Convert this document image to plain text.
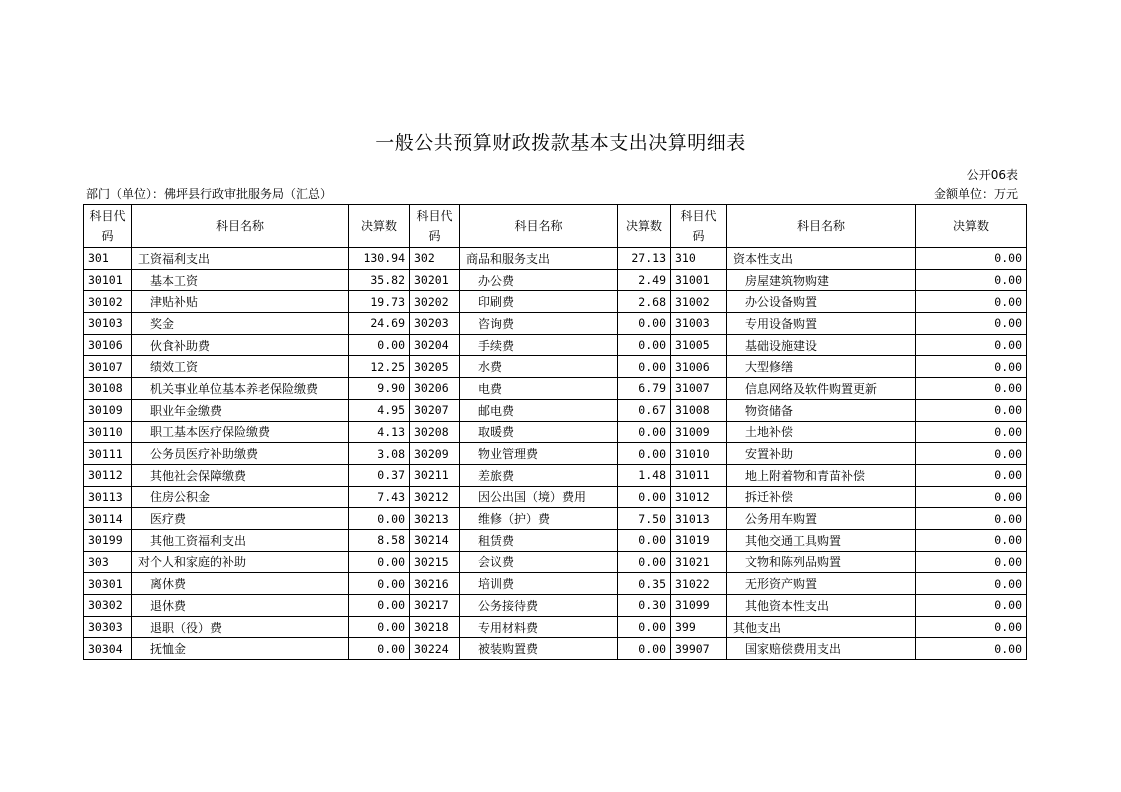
一般公共预算财政拨款基本支出决算明细表
公开06表
部门（单位）：佛坪县行政审批服务局（汇总）	金额单位：万元
科目代码	科目名称	决算数	科目代码	科目名称	决算数	科目代码	科目名称	决算数
301	工资福利支出	130.94	302	商品和服务支出	27.13	310	资本性支出	0.00
30101	基本工资	35.82	30201	办公费	2.49	31001	房屋建筑物购建	0.00
30102	津贴补贴	19.73	30202	印刷费	2.68	31002	办公设备购置	0.00
30103	奖金	24.69	30203	咨询费	0.00	31003	专用设备购置	0.00
30106	伙食补助费	0.00	30204	手续费	0.00	31005	基础设施建设	0.00
30107	绩效工资	12.25	30205	水费	0.00	31006	大型修缮	0.00
30108	机关事业单位基本养老保险缴费	9.90	30206	电费	6.79	31007	信息网络及软件购置更新	0.00
30109	职业年金缴费	4.95	30207	邮电费	0.67	31008	物资储备	0.00
30110	职工基本医疗保险缴费	4.13	30208	取暖费	0.00	31009	土地补偿	0.00
30111	公务员医疗补助缴费	3.08	30209	物业管理费	0.00	31010	安置补助	0.00
30112	其他社会保障缴费	0.37	30211	差旅费	1.48	31011	地上附着物和青苗补偿	0.00
30113	住房公积金	7.43	30212	因公出国（境）费用	0.00	31012	拆迁补偿	0.00
30114	医疗费	0.00	30213	维修（护）费	7.50	31013	公务用车购置	0.00
30199	其他工资福利支出	8.58	30214	租赁费	0.00	31019	其他交通工具购置	0.00
303	对个人和家庭的补助	0.00	30215	会议费	0.00	31021	文物和陈列品购置	0.00
30301	离休费	0.00	30216	培训费	0.35	31022	无形资产购置	0.00
30302	退休费	0.00	30217	公务接待费	0.30	31099	其他资本性支出	0.00
30303	退职（役）费	0.00	30218	专用材料费	0.00	399	其他支出	0.00
30304	抚恤金	0.00	30224	被装购置费	0.00	39907	国家赔偿费用支出	0.00
